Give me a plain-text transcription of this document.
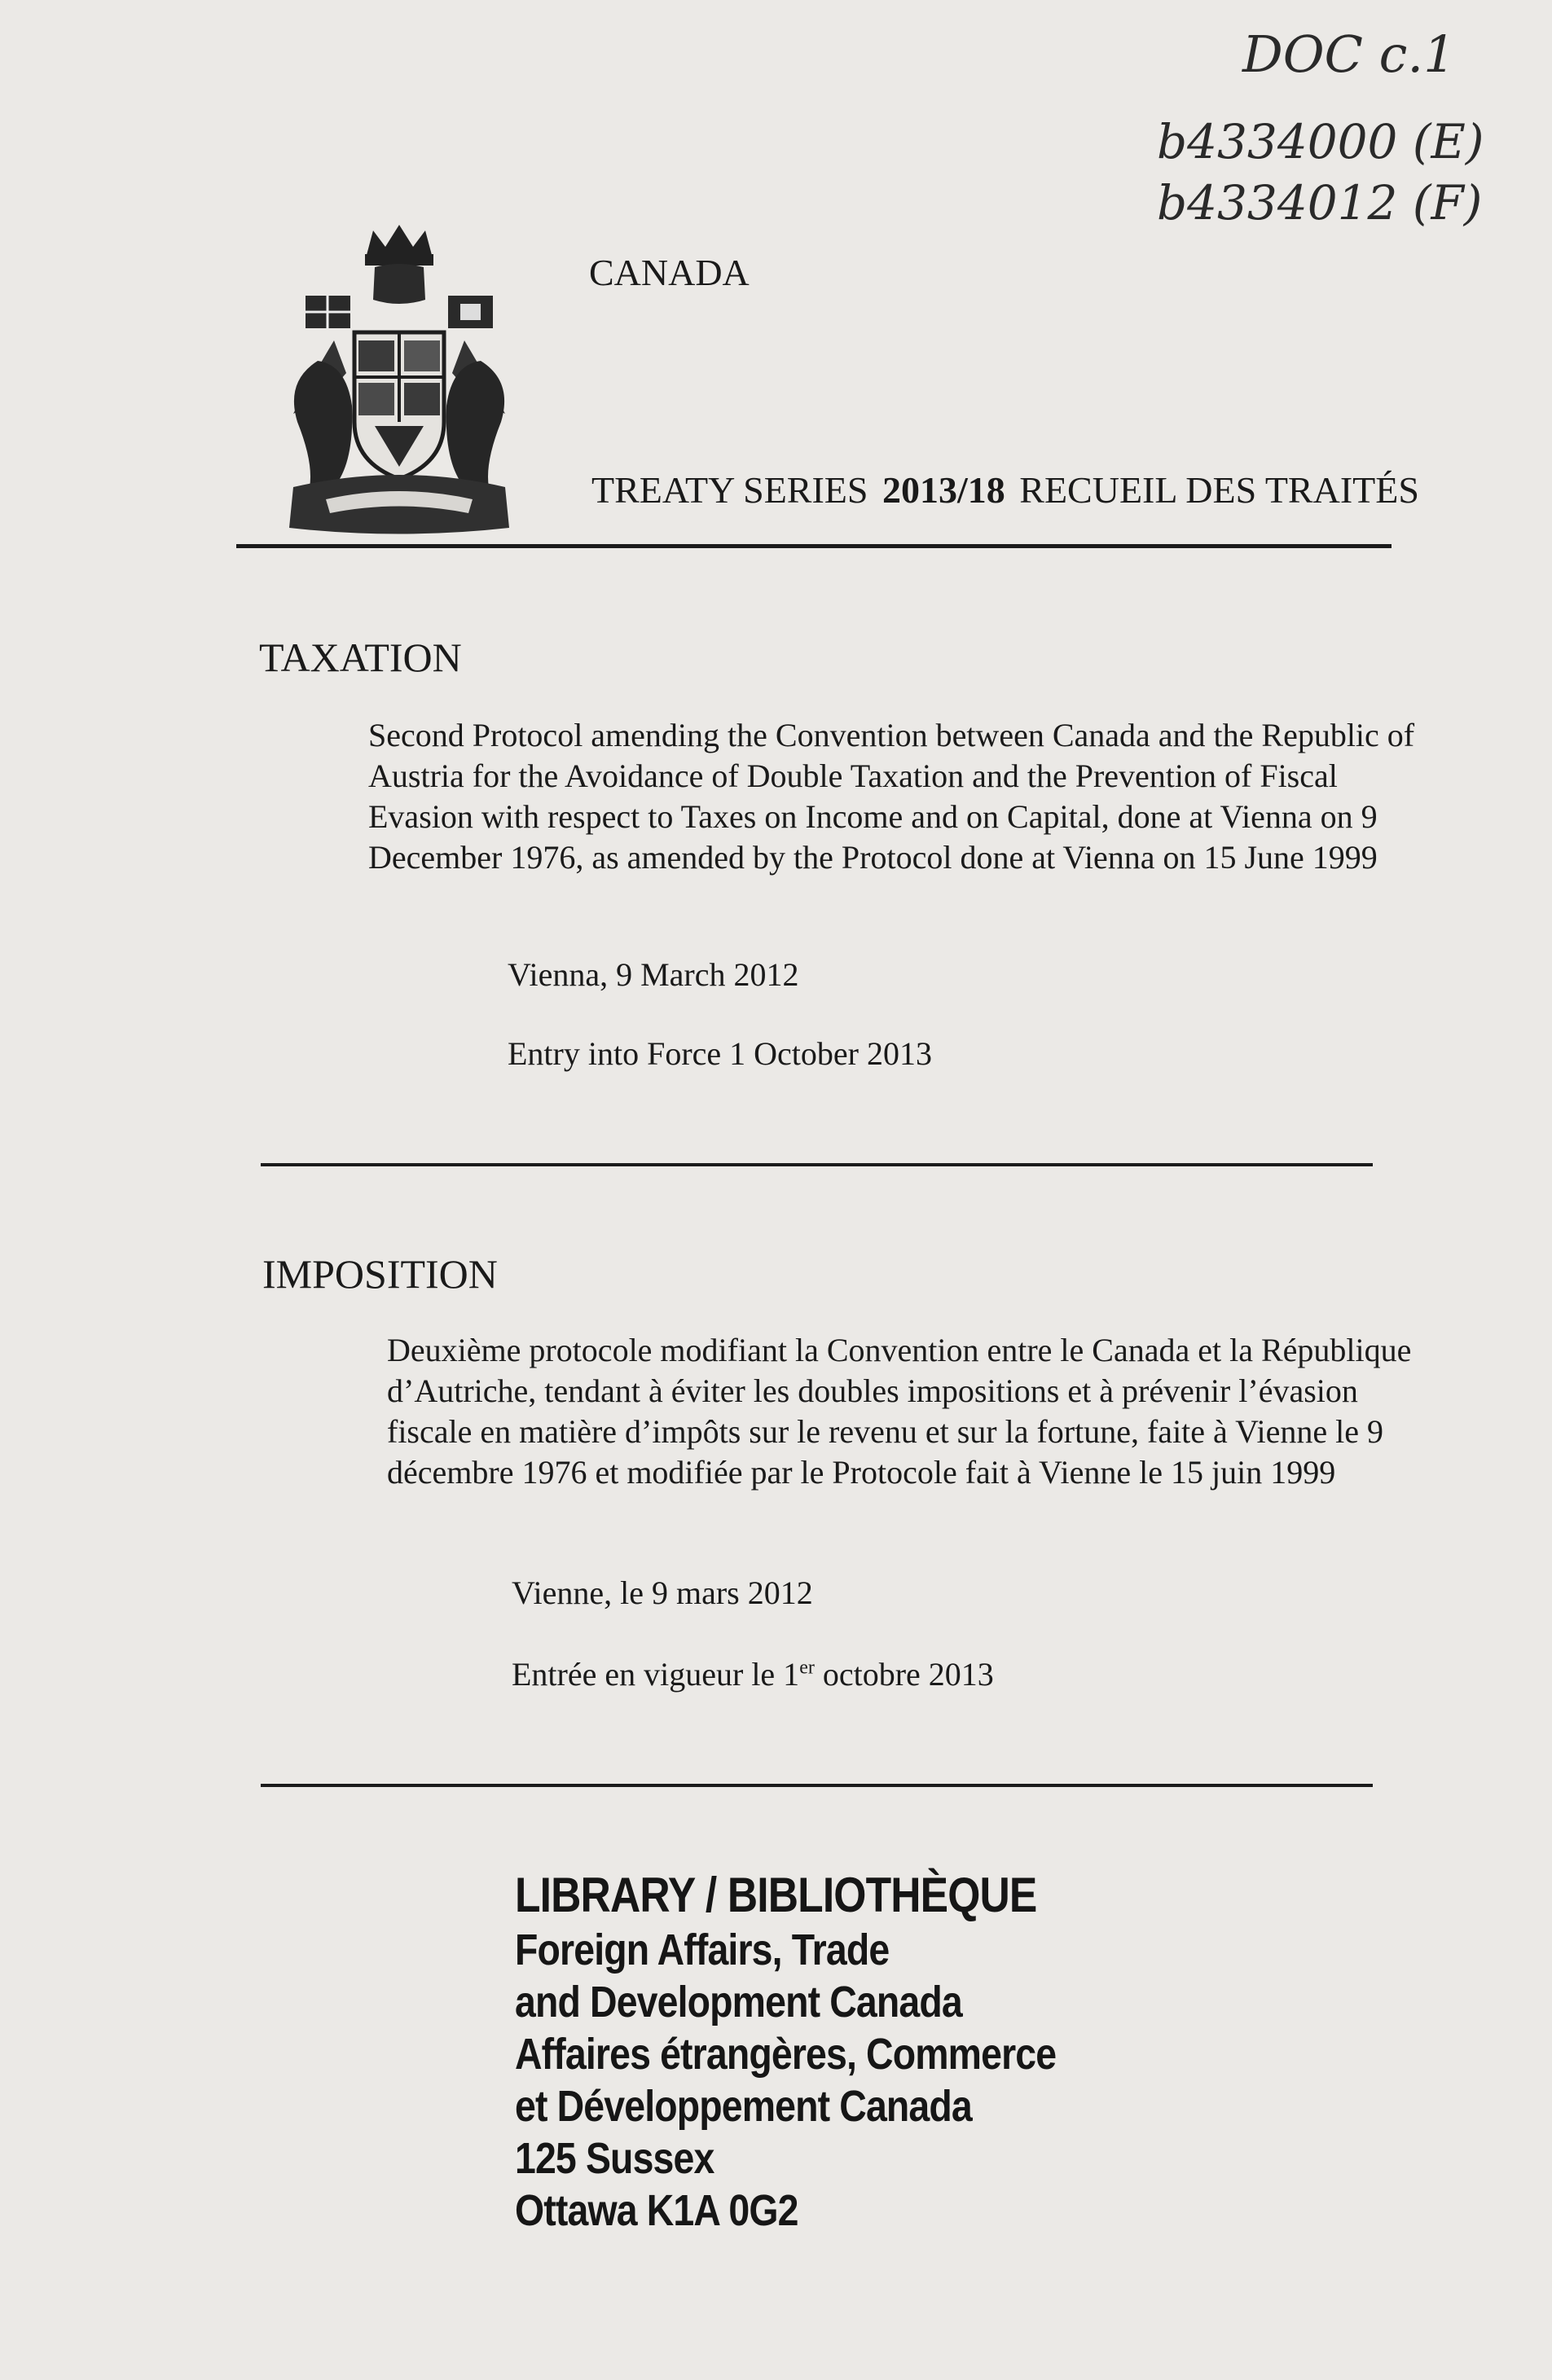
DOC c.1
b4334000 (E)
b4334012 (F)
CANADA
TREATY SERIES 2013/18 RECUEIL DES TRAITÉS
TAXATION
Second Protocol amending the Convention between Canada and the Republic of Austria for the Avoidance of Double Taxation and the Prevention of Fiscal Evasion with respect to Taxes on Income and on Capital, done at Vienna on 9 December 1976, as amended by the Protocol done at Vienna on 15 June 1999
Vienna, 9 March 2012
Entry into Force 1 October 2013
IMPOSITION
Deuxième protocole modifiant la Convention entre le Canada et la République d’Autriche, tendant à éviter les doubles impositions et à prévenir l’évasion fiscale en matière d’impôts sur le revenu et sur la fortune, faite à Vienne le 9 décembre 1976 et modifiée par le Protocole fait à Vienne le 15 juin 1999
Vienne, le 9 mars 2012
Entrée en vigueur le 1er octobre 2013
LIBRARY / BIBLIOTHÈQUE
Foreign Affairs, Trade
and Development Canada
Affaires étrangères, Commerce
et Développement Canada
125 Sussex
Ottawa K1A 0G2
